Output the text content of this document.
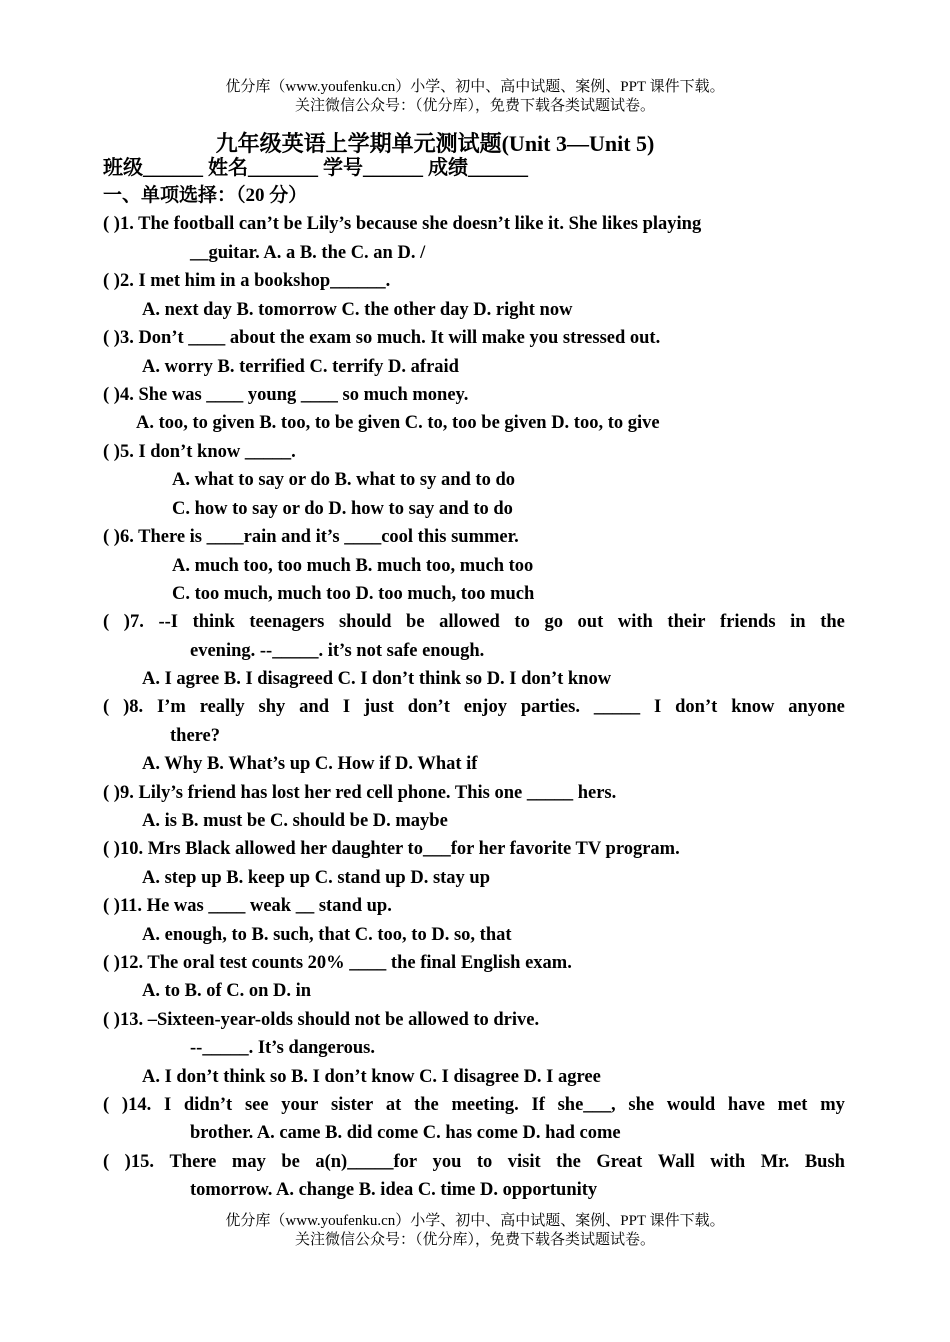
优分库（www.youfenku.cn）小学、初中、高中试题、案例、PPT 课件下载。
关注微信公众号：（优分库），免费下载各类试题试卷。
九年级英语上学期单元测试题(Unit 3—Unit 5)
班级______ 姓名_______ 学号______ 成绩______
一、单项选择：（20 分）
( )1. The football can’t be Lily’s because she doesn’t like it. She likes playing
__guitar. A. a B. the C. an D. /
( )2. I met him in a bookshop______.
A. next day B. tomorrow C. the other day D. right now
( )3. Don’t ____ about the exam so much. It will make you stressed out.
A. worry B. terrified C. terrify D. afraid
( )4. She was ____ young ____ so much money.
A. too, to given B. too, to be given C. to, too be given D. too, to give
( )5. I don’t know _____.
A. what to say or do B. what to sy and to do
C. how to say or do D. how to say and to do
( )6. There is ____rain and it’s ____cool this summer.
A. much too, too much B. much too, much too
C. too much, much too D. too much, too much
( )7. --I think teenagers should be allowed to go out with their friends in the
evening. --_____. it’s not safe enough.
A. I agree B. I disagreed C. I don’t think so D. I don’t know
( )8. I’m really shy and I just don’t enjoy parties. _____ I don’t know anyone
there?
A. Why B. What’s up C. How if D. What if
( )9. Lily’s friend has lost her red cell phone. This one _____ hers.
A. is B. must be C. should be D. maybe
( )10. Mrs Black allowed her daughter to___for her favorite TV program.
A. step up B. keep up C. stand up D. stay up
( )11. He was ____ weak __ stand up.
A. enough, to B. such, that C. too, to D. so, that
( )12. The oral test counts 20% ____ the final English exam.
A. to B. of C. on D. in
( )13. –Sixteen-year-olds should not be allowed to drive.
--_____. It’s dangerous.
A. I don’t think so B. I don’t know C. I disagree D. I agree
( )14. I didn’t see your sister at the meeting. If she___, she would have met my
brother. A. came B. did come C. has come D. had come
( )15. There may be a(n)_____for you to visit the Great Wall with Mr. Bush
tomorrow. A. change B. idea C. time D. opportunity
优分库（www.youfenku.cn）小学、初中、高中试题、案例、PPT 课件下载。
关注微信公众号：（优分库），免费下载各类试题试卷。
